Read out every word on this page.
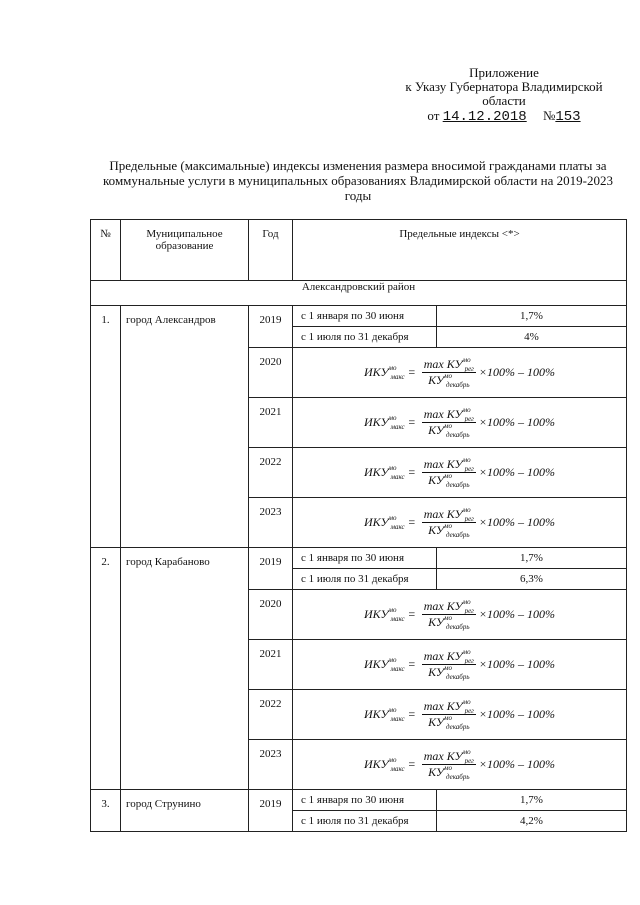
Приложение
к Указу Губернатора Владимирской
области
от 14.12.2018 №153
Предельные (максимальные) индексы изменения размера вносимой гражданами платы за
коммунальные услуги в муниципальных образованиях Владимирской области на 2019-2023
годы
№	Муниципальное образование	Год	Предельные индексы <*>	
Александровский район				
1.	город Александров	2019	с 1 января по 30 июня	1,7%
			с 1 июля по 31 декабря	4%
		2020	$ИКУ^{мо}_{макс} = \frac{\max КУ^{мо}_{рег}}{КУ^{мо}_{декабрь}} \times 100\% - 100\%$	

		2021	$ИКУ^{мо}_{макс} = \frac{\max КУ^{мо}_{рег}}{КУ^{мо}_{декабрь}} \times 100\% - 100\%$	

		2022	$ИКУ^{мо}_{макс} = \frac{\max КУ^{мо}_{рег}}{КУ^{мо}_{декабрь}} \times 100\% - 100\%$	

		2023	$ИКУ^{мо}_{макс} = \frac{\max КУ^{мо}_{рег}}{КУ^{мо}_{декабрь}} \times 100\% - 100\%$	

2.	город Карабаново	2019	с 1 января по 30 июня	1,7%
			с 1 июля по 31 декабря	6,3%
		2020	$ИКУ^{мо}_{макс} = \frac{\max КУ^{мо}_{рег}}{КУ^{мо}_{декабрь}} \times 100\% - 100\%$	

		2021	$ИКУ^{мо}_{макс} = \frac{\max КУ^{мо}_{рег}}{КУ^{мо}_{декабрь}} \times 100\% - 100\%$	

		2022	$ИКУ^{мо}_{макс} = \frac{\max КУ^{мо}_{рег}}{КУ^{мо}_{декабрь}} \times 100\% - 100\%$	

		2023	$ИКУ^{мо}_{макс} = \frac{\max КУ^{мо}_{рег}}{КУ^{мо}_{декабрь}} \times 100\% - 100\%$	

3.	город Струнино	2019	с 1 января по 30 июня	1,7%
			с 1 июля по 31 декабря	4,2%
